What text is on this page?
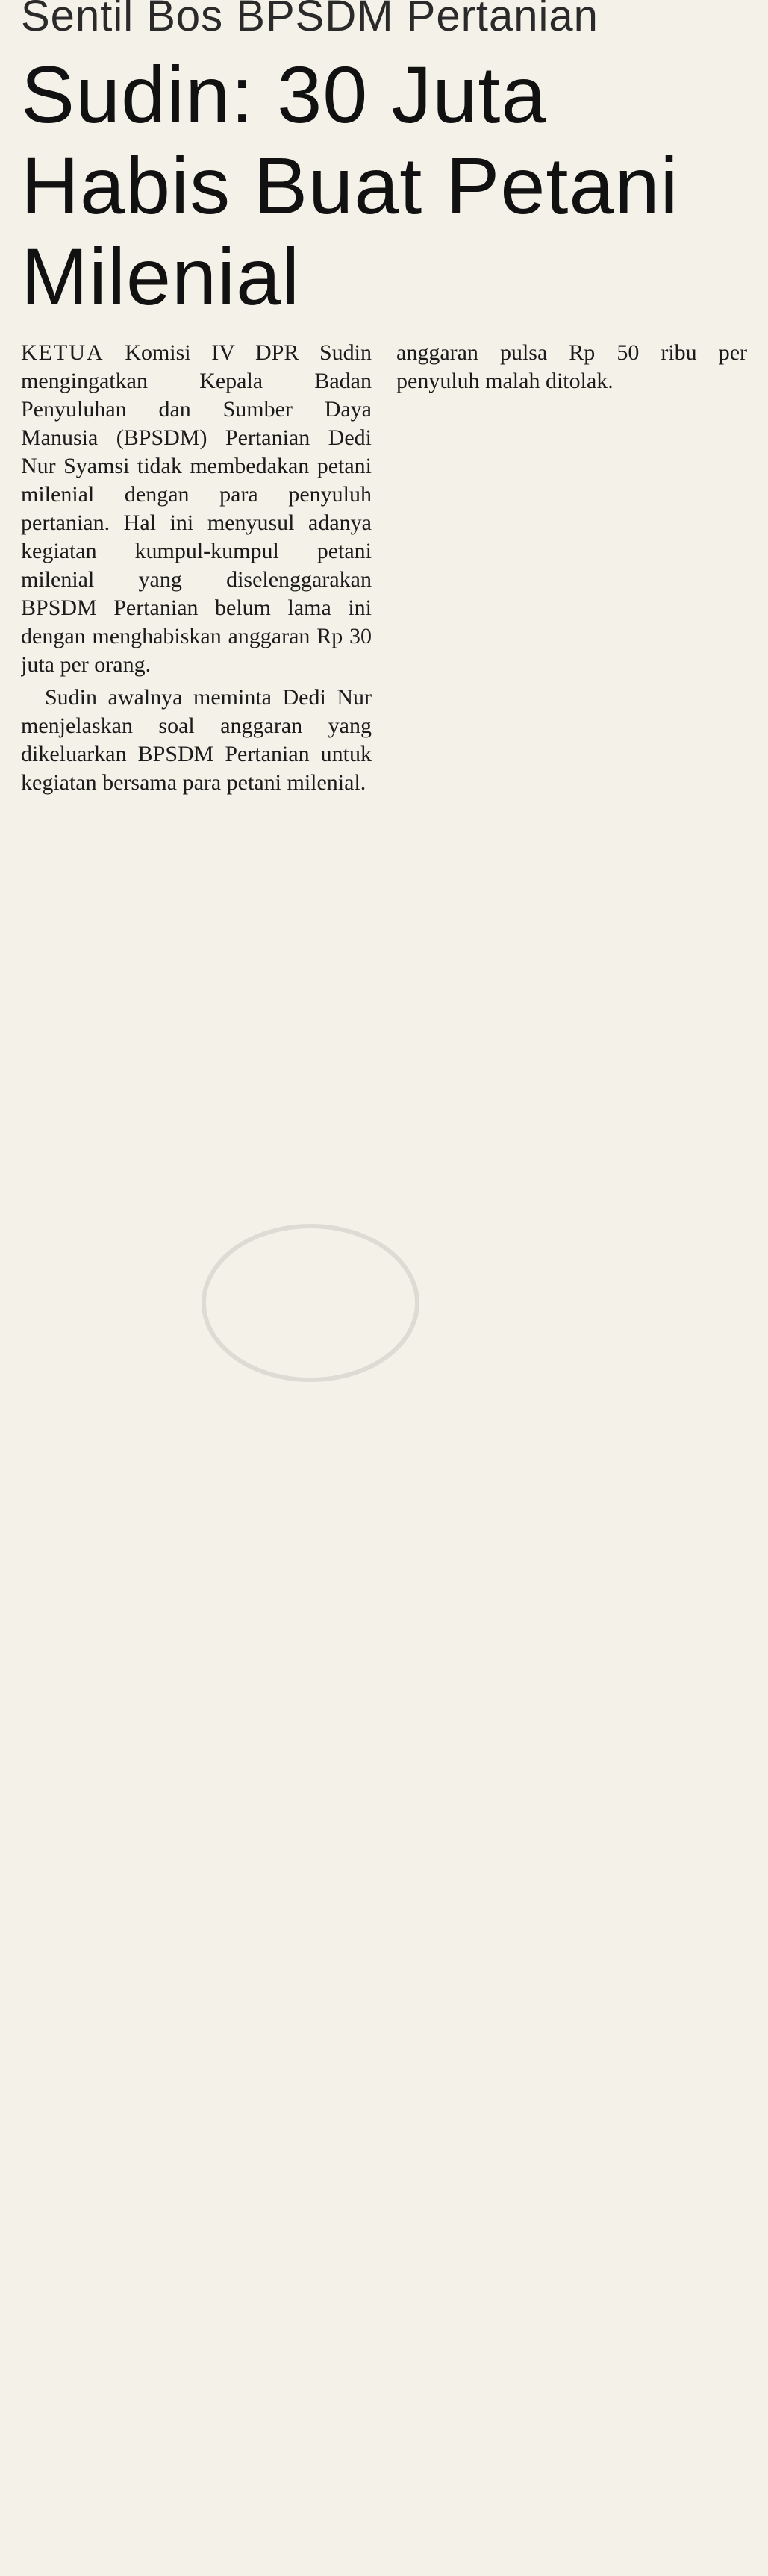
Sentil Bos BPSDM Pertanian
Sudin: 30 Juta Habis Buat Petani Milenial

KETUA Komisi IV DPR Sudin mengingatkan Kepala Badan Penyuluhan dan Sumber Daya Manusia (BPSDM) Pertanian Dedi Nur Syamsi tidak membedakan petani milenial dengan para penyuluh pertanian. Hal ini menyusul adanya kegiatan kumpul-kumpul petani milenial yang diselenggarakan BPSDM Pertanian belum lama ini dengan menghabiskan anggaran Rp 30 juta per orang.

Sudin awalnya meminta Dedi Nur menjelaskan soal anggaran yang dikeluarkan BPSDM Pertanian untuk kegiatan bersama para petani milenial.

anggaran pulsa Rp 50 ribu per penyuluh malah ditolak.
